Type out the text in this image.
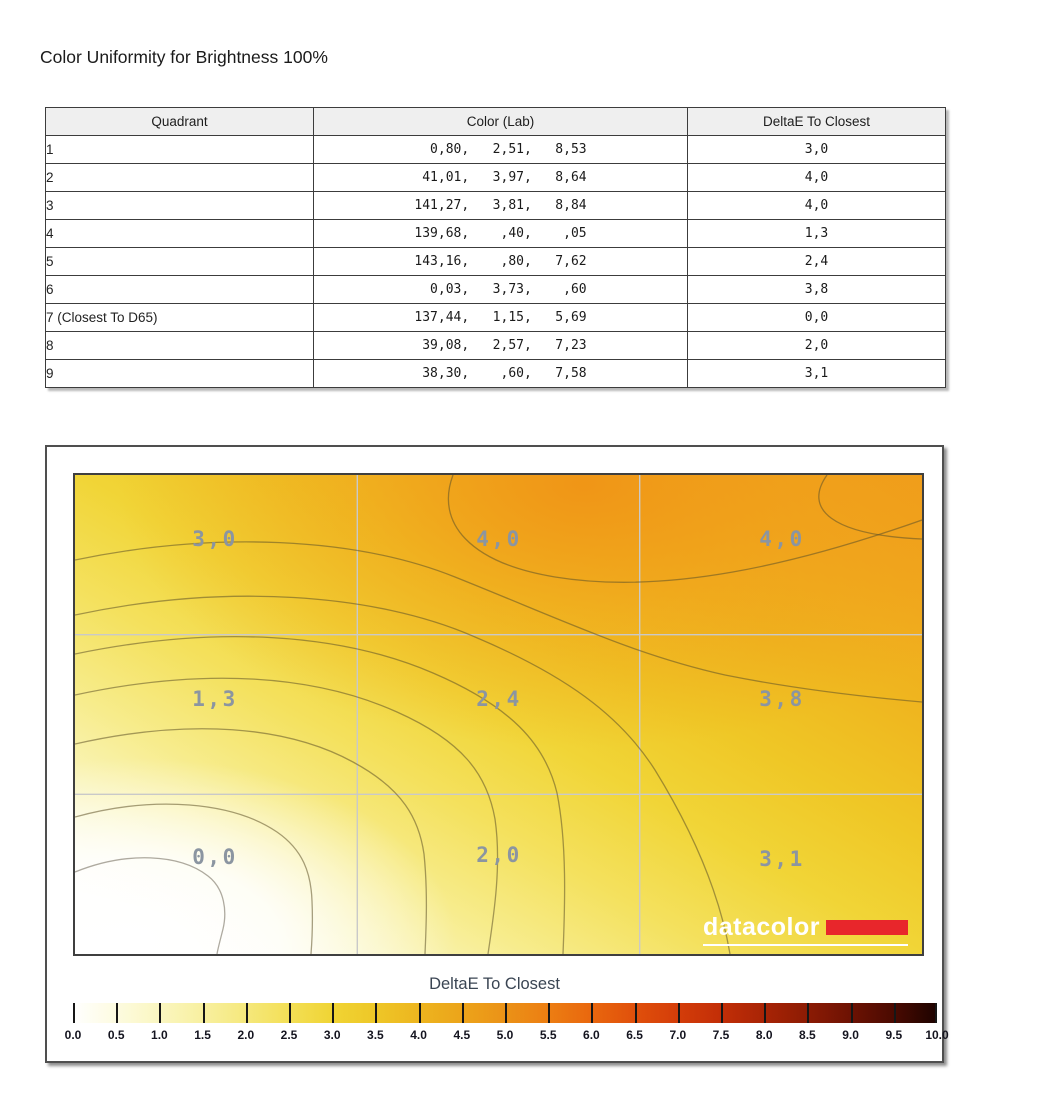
Color Uniformity for Brightness 100%
Quadrant	Color (Lab)	DeltaE To Closest
1	0,80,   2,51,   8,53	3,0
2	41,01,   3,97,   8,64	4,0
3	141,27,   3,81,   8,84	4,0
4	139,68,    ,40,    ,05	1,3
5	143,16,    ,80,   7,62	2,4
6	0,03,   3,73,    ,60	3,8
7 (Closest To D65)	137,44,   1,15,   5,69	0,0
8	39,08,   2,57,   7,23	2,0
9	38,30,    ,60,   7,58	3,1
3,0	4,0	4,0
1,3	2,4	3,8
0,0	2,0	3,1
datacolor
DeltaE To Closest
0.0	0.5	1.0	1.5	2.0	2.5	3.0	3.5	4.0	4.5	5.0	5.5	6.0	6.5	7.0	7.5	8.0	8.5	9.0	9.5	10.0
